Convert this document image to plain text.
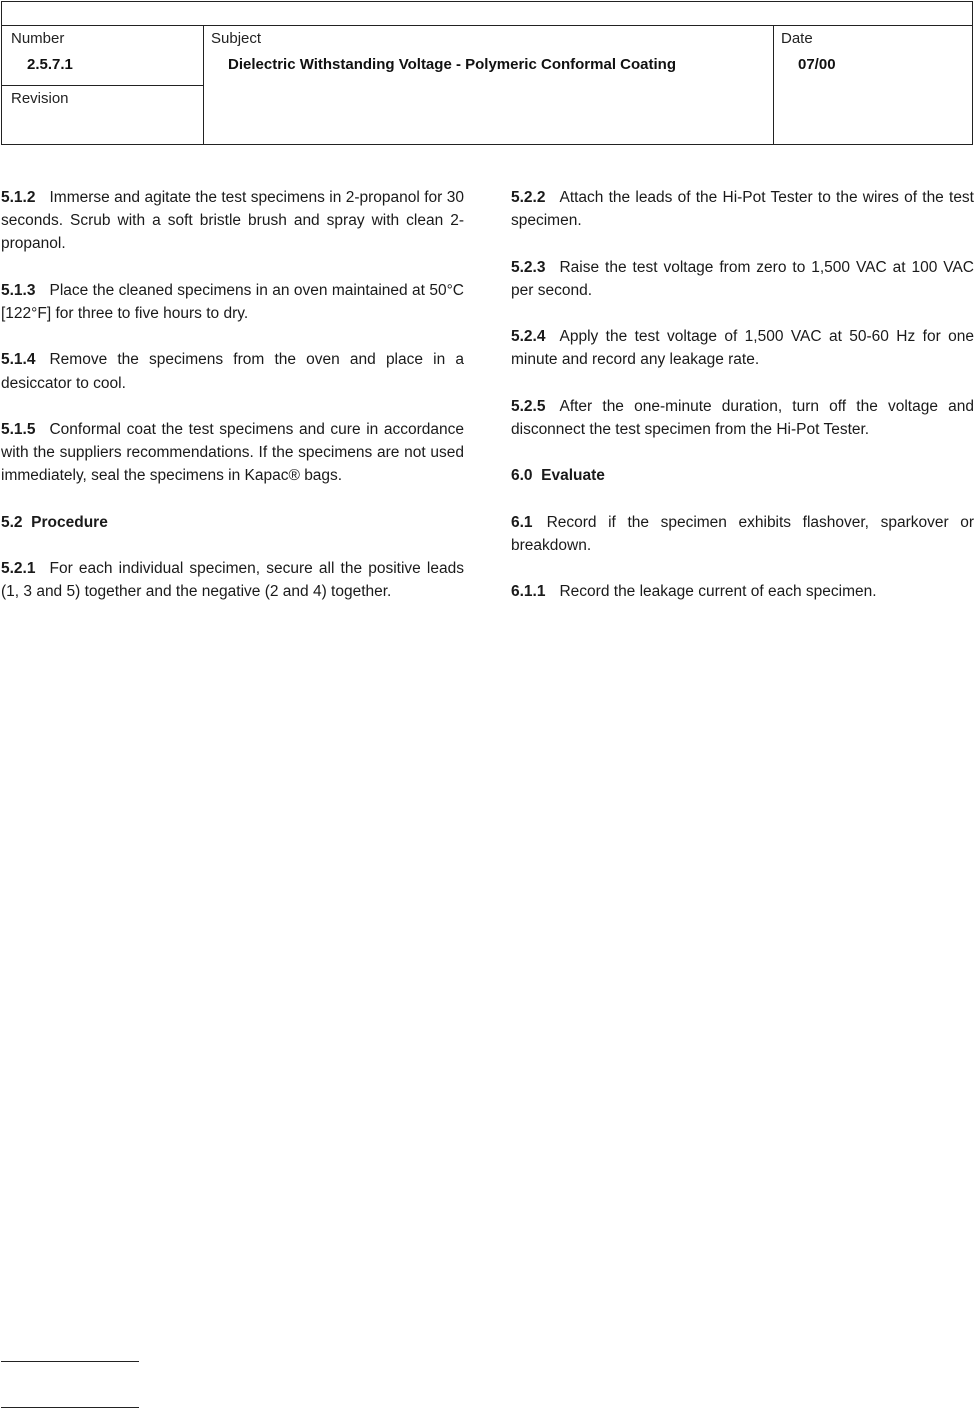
Number
2.5.7.1
Revision
Subject
Dielectric Withstanding Voltage - Polymeric Conformal Coating
Date
07/00

5.1.2 Immerse and agitate the test specimens in 2-propanol for 30 seconds. Scrub with a soft bristle brush and spray with clean 2-propanol.

5.1.3 Place the cleaned specimens in an oven maintained at 50°C [122°F] for three to five hours to dry.

5.1.4 Remove the specimens from the oven and place in a desiccator to cool.

5.1.5 Conformal coat the test specimens and cure in accordance with the suppliers recommendations. If the specimens are not used immediately, seal the specimens in Kapac® bags.

5.2  Procedure

5.2.1 For each individual specimen, secure all the positive leads (1, 3 and 5) together and the negative (2 and 4) together.

5.2.2 Attach the leads of the Hi-Pot Tester to the wires of the test specimen.

5.2.3 Raise the test voltage from zero to 1,500 VAC at 100 VAC per second.

5.2.4 Apply the test voltage of 1,500 VAC at 50-60 Hz for one minute and record any leakage rate.

5.2.5 After the one-minute duration, turn off the voltage and disconnect the test specimen from the Hi-Pot Tester.

6.0  Evaluate

6.1 Record if the specimen exhibits flashover, sparkover or breakdown.

6.1.1 Record the leakage current of each specimen.
